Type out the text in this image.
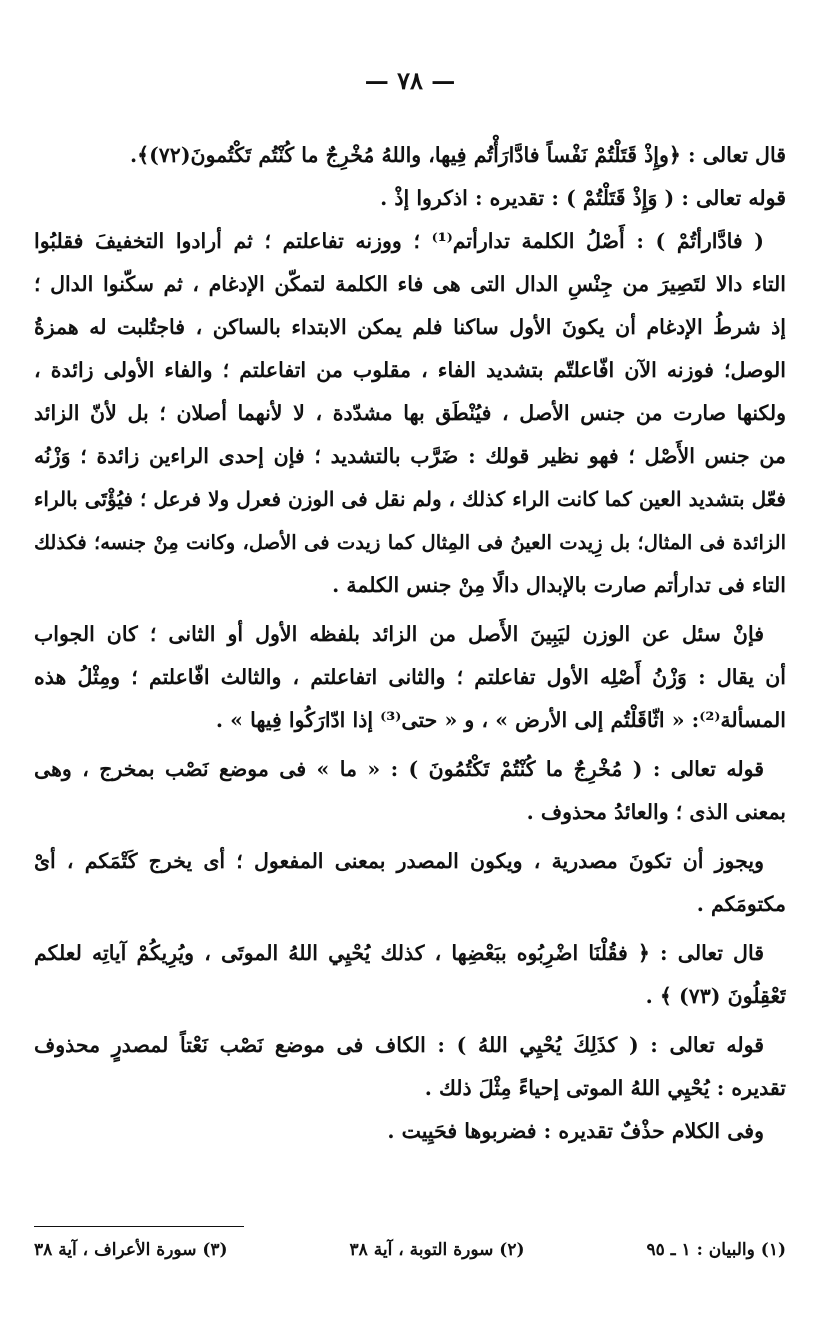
— ٧٨ —
قال تعالى : ﴿وإِذْ قَتَلْتُمْ نَفْساً فادَّارَأْتُم فِيها، واللهُ مُخْرِجٌ ما كُنْتُم تَكْتُمونَ(٧٢)﴾.
قوله تعالى : ( وَإِذْ قَتَلْتُمْ ) : تقديره : اذكروا إذْ .
( فادَّارأتُمْ ) : أَصْلُ الكلمة تدارأتم⁽¹⁾ ؛ ووزنه تفاعلتم ؛ ثم أرادوا التخفيفَ فقلبُوا
التاء دالا لتَصِيرَ من جِنْسِ الدال التى هى فاء الكلمة لتمكّن الإدغام ، ثم سكّنوا الدال ؛
إذ شرطُ الإدغام أن يكونَ الأول ساكنا فلم يمكن الابتداء بالساكن ، فاجتُلبت له همزةُ
الوصل؛ فوزنه الآن افّاعلتّم بتشديد الفاء ، مقلوب من اتفاعلتم ؛ والفاء الأولى زائدة ،
ولكنها صارت من جنس الأصل ، فيُنْطَق بها مشدّدة ، لا لأنهما أصلان ؛ بل لأنّ الزائد
من جنس الأَصْل ؛ فهو نظير قولك : ضَرَّب بالتشديد ؛ فإن إحدى الراءين زائدة ؛ وَزْنُه
فعّل بتشديد العين كما كانت الراء كذلك ، ولم نقل فى الوزن فعرل ولا فرعل ؛ فيُؤْتَى بالراء
الزائدة فى المثال؛ بل زِيدت العينُ فى المِثال كما زيدت فى الأصل، وكانت مِنْ جنسه؛ فكذلك
التاء فى تدارأتم صارت بالإبدال دالًا مِنْ جنس الكلمة .
فإنْ سئل عن الوزن ليَبِينَ الأَصل من الزائد بلفظه الأول أو الثانى ؛ كان الجواب
أن يقال : وَزْنُ أَصْلِه الأول تفاعلتم ؛ والثانى اتفاعلتم ، والثالث افّاعلتم ؛ ومِثْلُ هذه
المسألة⁽²⁾: « اثّاقَلْتُم إلى الأرض » ، و « حتى⁽³⁾ إذا ادّارَكُوا فِيها » .
قوله تعالى : ( مُخْرِجٌ ما كُنْتُمْ تَكْتُمُونَ ) : « ما » فى موضع نَصْب بمخرج ، وهى
بمعنى الذى ؛ والعائدُ محذوف .
ويجوز أن تكونَ مصدرية ، ويكون المصدر بمعنى المفعول ؛ أى يخرج كَتْمَكم ، أىْ
مكتومَكم .
قال تعالى : ﴿ فقُلْنَا اضْرِبُوه ببَعْضِها ، كذلك يُحْيِي اللهُ الموتَى ، ويُرِيكُمْ آياتِه لعلكم
تَعْقِلُونَ (٧٣) ﴾ .
قوله تعالى : ( كذَلِكَ يُحْيِي اللهُ ) : الكاف فى موضع نَصْب نَعْتاً لمصدرٍ محذوف
تقديره : يُحْيِي اللهُ الموتى إحياءً مِثْلَ ذلك .
وفى الكلام حذْفٌ تقديره : فضربوها فحَيِيت .
(١) والبيان : ١ ـ ٩٥
(٢) سورة التوبة ، آية ٣٨
(٣) سورة الأعراف ، آية ٣٨
